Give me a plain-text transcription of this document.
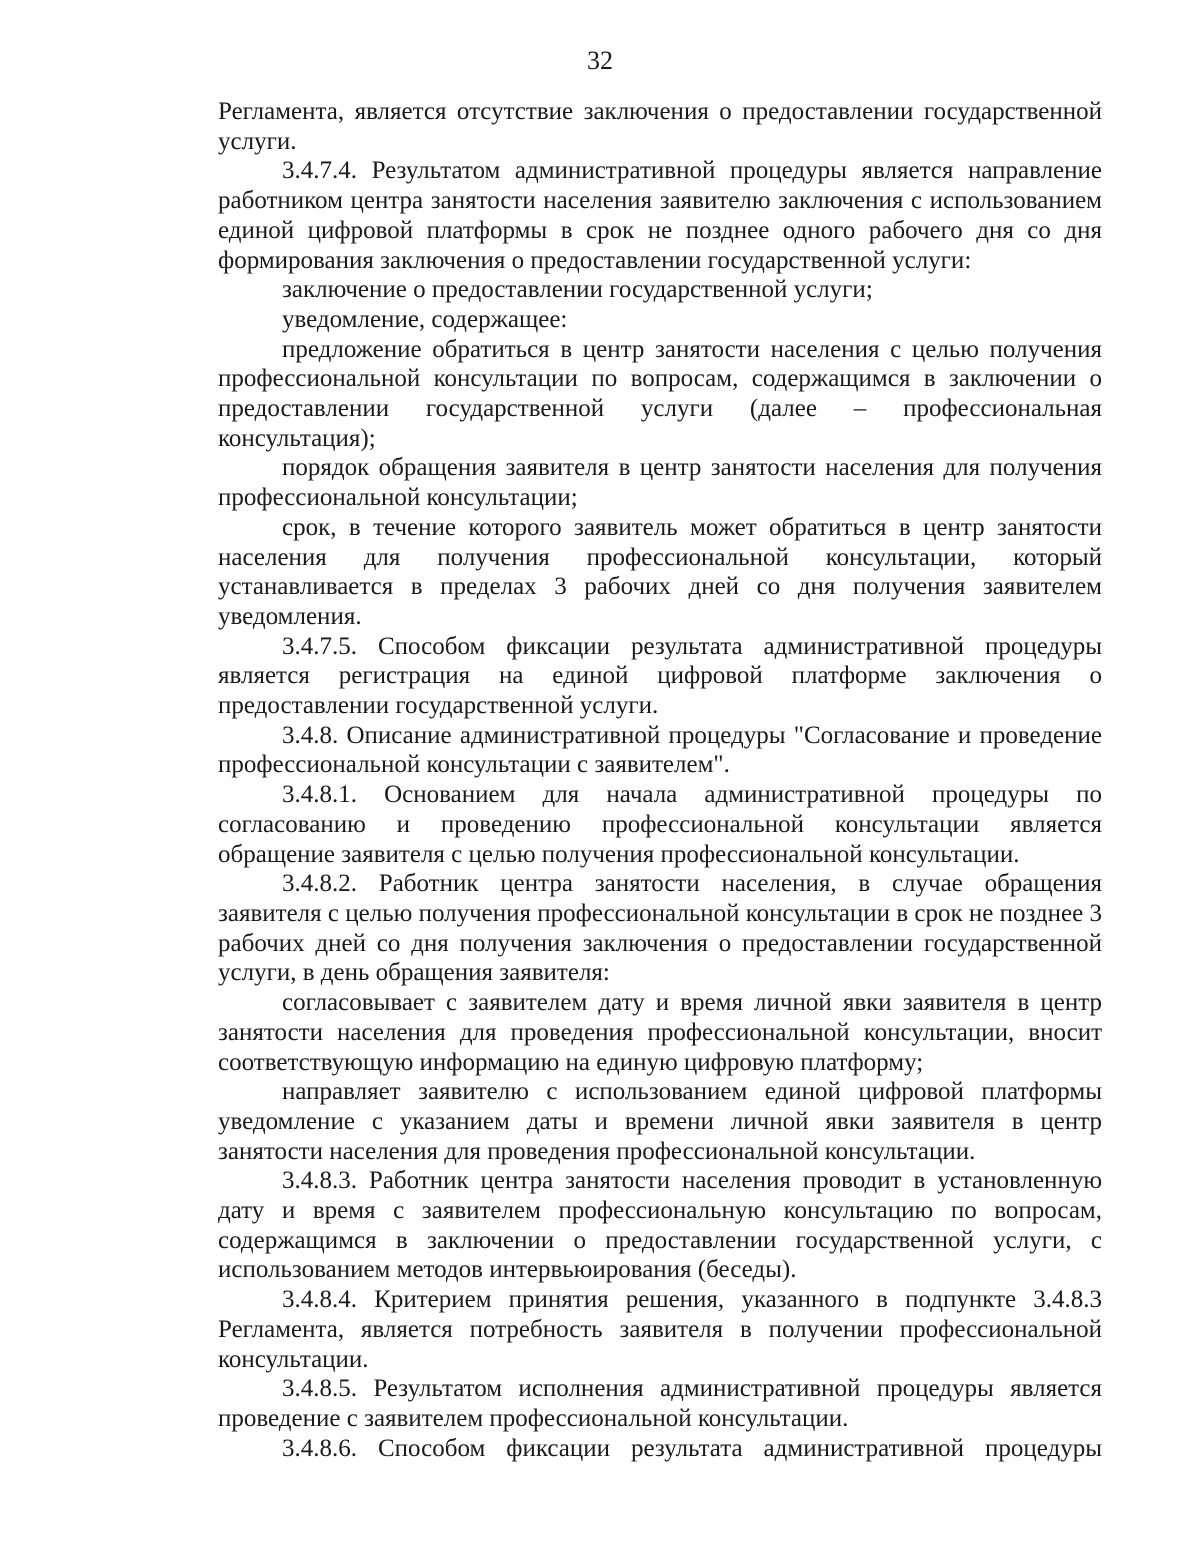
32

Регламента, является отсутствие заключения о предоставлении государственной услуги.

3.4.7.4. Результатом административной процедуры является направление работником центра занятости населения заявителю заключения с использованием единой цифровой платформы в срок не позднее одного рабочего дня со дня формирования заключения о предоставлении государственной услуги:

заключение о предоставлении государственной услуги;

уведомление, содержащее:

предложение обратиться в центр занятости населения с целью получения профессиональной консультации по вопросам, содержащимся в заключении о предоставлении государственной услуги (далее – профессиональная консультация);

порядок обращения заявителя в центр занятости населения для получения профессиональной консультации;

срок, в течение которого заявитель может обратиться в центр занятости населения для получения профессиональной консультации, который устанавливается в пределах 3 рабочих дней со дня получения заявителем уведомления.

3.4.7.5. Способом фиксации результата административной процедуры является регистрация на единой цифровой платформе заключения о предоставлении государственной услуги.

3.4.8. Описание административной процедуры "Согласование и проведение профессиональной консультации с заявителем".

3.4.8.1. Основанием для начала административной процедуры по согласованию и проведению профессиональной консультации является обращение заявителя с целью получения профессиональной консультации.

3.4.8.2. Работник центра занятости населения, в случае обращения заявителя с целью получения профессиональной консультации в срок не позднее 3 рабочих дней со дня получения заключения о предоставлении государственной услуги, в день обращения заявителя:

согласовывает с заявителем дату и время личной явки заявителя в центр занятости населения для проведения профессиональной консультации, вносит соответствующую информацию на единую цифровую платформу;

направляет заявителю с использованием единой цифровой платформы уведомление с указанием даты и времени личной явки заявителя в центр занятости населения для проведения профессиональной консультации.

3.4.8.3. Работник центра занятости населения проводит в установленную дату и время с заявителем профессиональную консультацию по вопросам, содержащимся в заключении о предоставлении государственной услуги, с использованием методов интервьюирования (беседы).

3.4.8.4. Критерием принятия решения, указанного в подпункте 3.4.8.3 Регламента, является потребность заявителя в получении профессиональной консультации.

3.4.8.5. Результатом исполнения административной процедуры является проведение с заявителем профессиональной консультации.

3.4.8.6. Способом фиксации результата административной процедуры
